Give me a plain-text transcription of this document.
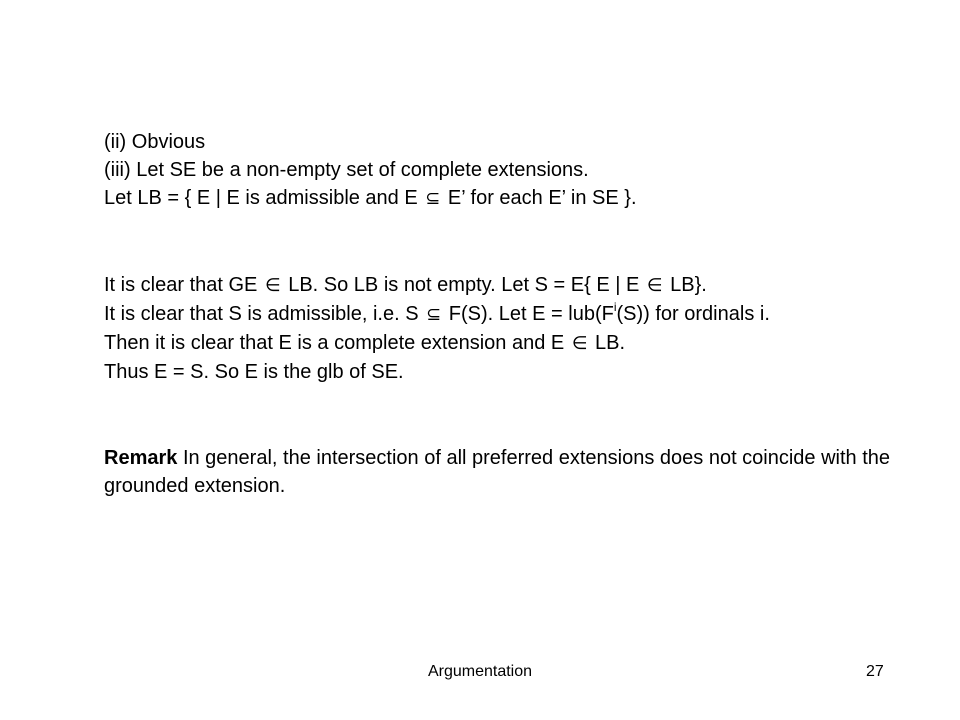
(ii) Obvious
(iii) Let SE be a non-empty set of complete extensions.
Let LB = { E | E is admissible and E ⊆ E’ for each E’ in SE }.
It is clear that GE ∈ LB. So LB is not empty. Let S = E{ E | E ∈ LB}.
It is clear that S is admissible, i.e. S ⊆ F(S). Let $E = lub(F^i(S))$ for ordinals i.
Then it is clear that E is a complete extension and E ∈ LB.
Thus E = S. So E is the glb of SE.
Remark In general, the intersection of all preferred extensions does not coincide with the grounded extension.
Argumentation	27
